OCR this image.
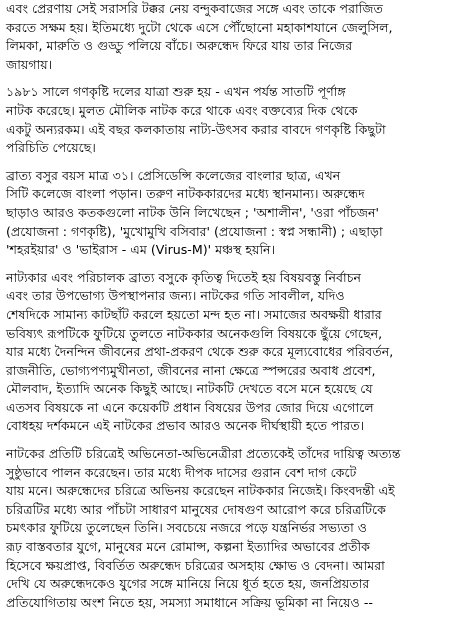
এবং প্রেরণায় সেই সরাসরি টক্কর নেয় বন্দুকবাজের সঙ্গে এবং তাকে পরাজিত
করতে সক্ষম হয়। ইতিমধ্যে দুটো থেকে এসে পৌঁছোনো মহাকাশযানে জেলুসিল,
লিমকা, মারুতি ও গুড্ডু পলিয়ে বাঁচে। অরুন্ধেদ ফিরে যায় তার নিজের
জায়গায়।

১৯৮১ সালে গণকৃষ্টি দলের যাত্রা শুরু হয় - এখন পর্যন্ত সাতটি পূর্ণাঙ্গ
নাটক করেছে। মুলত মৌলিক নাটক করে থাকে এবং বক্তব্যের দিক থেকে
একটু অন্যরকম। এই বছর কলকাতায় নাট্য-উৎসব করার বাবদে গণকৃষ্টি কিছুটা
পরিচিতি পেয়েছে।

ব্রাত্য বসুর বয়স মাত্র ৩১। প্রেসিডেন্সি কলেজের বাংলার ছাত্র, এখন
সিটি কলেজে বাংলা পড়ান। তরুণ নাটককারদের মধ্যে স্থানমান্য। অরুন্ধেদ
ছাড়াও আরও কতকগুলো নাটক উনি লিখেছেন ; 'অশালীন', 'ওরা পাঁচজন'
(প্রযোজনা : গণকৃষ্টি), 'মুখোমুখি বসিবার' (প্রযোজনা : স্বপ্ন সন্ধানী) ; এছাড়া
'শহরইয়ার' ও 'ভাইরাস - এম (Virus-M)' মঞ্চস্থ হয়নি।

নাট্যকার এবং পরিচালক ব্রাত্য বসুকে কৃতিত্ব দিতেই হয় বিষয়বস্তু নির্বাচন
এবং তার উপভোগ্য উপস্থাপনার জন্য। নাটকের গতি সাবলীল, যদিও
শেষদিকে সামান্য কাটছাঁট করলে হয়তো মন্দ হত না। সমাজের অবক্ষয়ী ধারার
ভবিষ্যৎ রূপটিকে ফুটিয়ে তুলতে নাটককার অনেকগুলি বিষয়কে ছুঁয়ে গেছেন,
যার মধ্যে দৈনন্দিন জীবনের প্রথা-প্রকরণ থেকে শুরু করে মূল্যবোধের পরিবর্তন,
রাজনীতি, ভোগ্যপণ্যমুখীনতা, জীবনের নানা ক্ষেত্রে স্পন্সরের অবাধ প্রবেশ,
মৌলবাদ, ইত্যাদি অনেক কিছুই আছে। নাটকটি দেখতে বসে মনে হয়েছে যে
এতসব বিষয়কে না এনে কয়েকটি প্রধান বিষয়ের উপর জোর দিয়ে এগোলে
বোধহয় দর্শকমনে এই নাটকের প্রভাব আরও অনেক দীর্ঘস্থায়ী হতে পারত।

নাটকের প্রতিটি চরিত্রেই অভিনেতা-অভিনেত্রীরা প্রত্যেকেই তাঁদের দায়িত্ব অত্যন্ত
সুষ্ঠুভাবে পালন করেছেন। তার মধ্যে দীপক দাসের গুরান বেশ দাগ কেটে
যায় মনে। অরুন্ধেদের চরিত্রে অভিনয় করেছেন নাটককার নিজেই। কিংবদন্তী এই
চরিত্রটির মধ্যে আর পাঁচটা সাধারণ মানুষের দোষগুণ আরোপ করে চরিত্রটিকে
চমৎকার ফুটিয়ে তুলেছেন তিনি। সবচেয়ে নজরে পড়ে যন্ত্রনির্ভর সভ্যতা ও
রূঢ় বাস্তবতার যুগে, মানুষের মনে রোমান্স, কল্পনা ইত্যাদির অভাবের প্রতীক
হিসেবে ক্ষয়প্রাপ্ত, বিবর্তিত অরুন্ধেদ চরিত্রের অসহায় ক্ষোভ ও বেদনা। আমরা
দেখি যে অরুন্ধেদকেও যুগের সঙ্গে মানিয়ে নিয়ে ধূর্ত হতে হয়, জনপ্রিয়তার
প্রতিযোগিতায় অংশ নিতে হয়, সমস্যা সমাধানে সক্রিয় ভূমিকা না নিয়েও --
